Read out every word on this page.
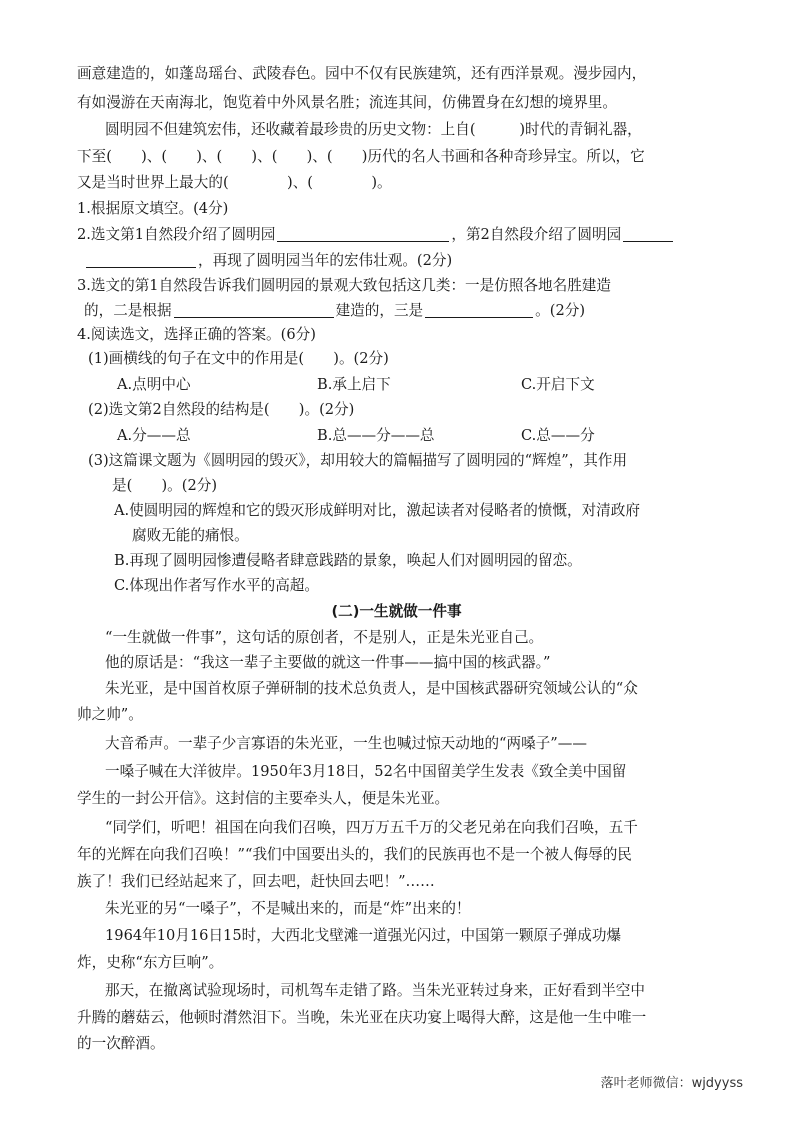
画意建造的，如蓬岛瑶台、武陵春色。园中不仅有民族建筑，还有西洋景观。漫步园内，
有如漫游在天南海北，饱览着中外风景名胜；流连其间，仿佛置身在幻想的境界里。
圆明园不但建筑宏伟，还收藏着最珍贵的历史文物：上自(　　　)时代的青铜礼器，
下至(　　)、(　　)、(　　)、(　　)、(　　)历代的名人书画和各种奇珍异宝。所以，它
又是当时世界上最大的(　　　　)、(　　　　)。
1.根据原文填空。(4分)
2.选文第1自然段介绍了圆明园	，第2自然段介绍了圆明园
，再现了圆明园当年的宏伟壮观。(2分)
3.选文的第1自然段告诉我们圆明园的景观大致包括这几类：一是仿照各地名胜建造
的，二是根据	建造的，三是	。(2分)
4.阅读选文，选择正确的答案。(6分)
(1)画横线的句子在文中的作用是(　　)。(2分)
A.点明中心	B.承上启下	C.开启下文
(2)选文第2自然段的结构是(　　)。(2分)
A.分——总	B.总——分——总	C.总——分
(3)这篇课文题为《圆明园的毁灭》，却用较大的篇幅描写了圆明园的“辉煌”，其作用
是(　　)。(2分)
A.使圆明园的辉煌和它的毁灭形成鲜明对比，激起读者对侵略者的愤慨，对清政府
腐败无能的痛恨。
B.再现了圆明园惨遭侵略者肆意践踏的景象，唤起人们对圆明园的留恋。
C.体现出作者写作水平的高超。
(二)一生就做一件事
“一生就做一件事”，这句话的原创者，不是别人，正是朱光亚自己。
他的原话是：“我这一辈子主要做的就这一件事——搞中国的核武器。”
朱光亚，是中国首枚原子弹研制的技术总负责人，是中国核武器研究领域公认的“众
帅之帅”。
大音希声。一辈子少言寡语的朱光亚，一生也喊过惊天动地的“两嗓子”——
一嗓子喊在大洋彼岸。1950年3月18日，52名中国留美学生发表《致全美中国留
学生的一封公开信》。这封信的主要牵头人，便是朱光亚。
“同学们，听吧！祖国在向我们召唤，四万万五千万的父老兄弟在向我们召唤，五千
年的光辉在向我们召唤！”“我们中国要出头的，我们的民族再也不是一个被人侮辱的民
族了！我们已经站起来了，回去吧，赶快回去吧！”……
朱光亚的另“一嗓子”，不是喊出来的，而是“炸”出来的！
1964年10月16日15时，大西北戈壁滩一道强光闪过，中国第一颗原子弹成功爆
炸，史称“东方巨响”。
那天，在撤离试验现场时，司机驾车走错了路。当朱光亚转过身来，正好看到半空中
升腾的蘑菇云，他顿时潸然泪下。当晚，朱光亚在庆功宴上喝得大醉，这是他一生中唯一
的一次醉酒。
落叶老师微信：wjdyyss
